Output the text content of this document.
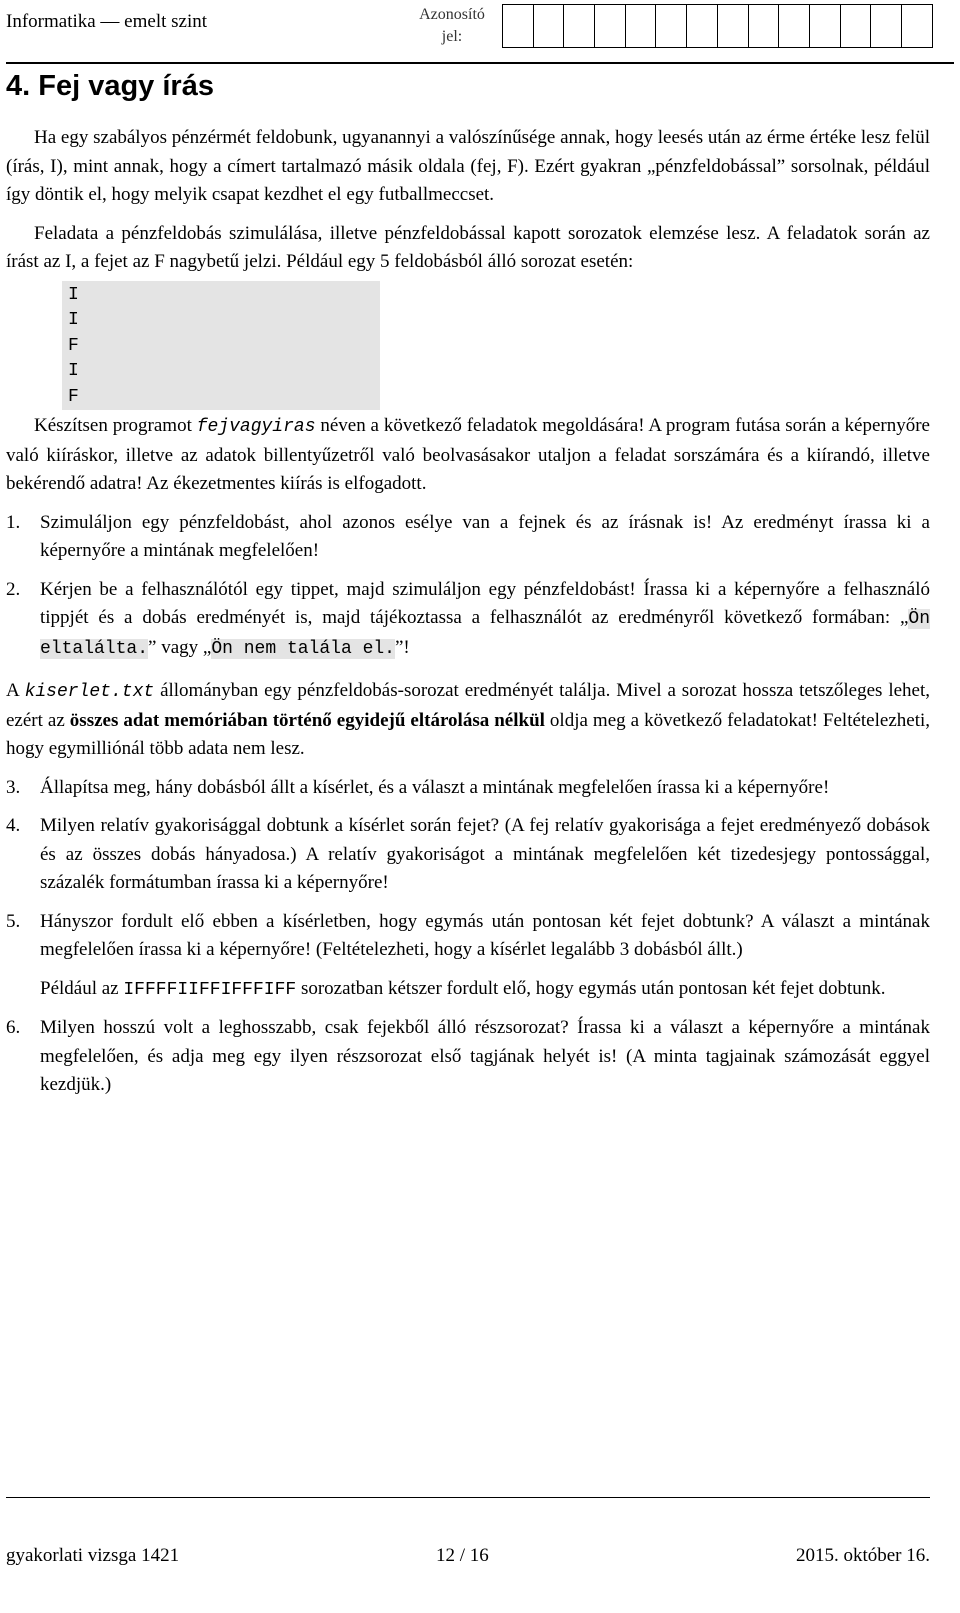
Informatika — emelt szint	Azonosító jel:
4. Fej vagy írás

Ha egy szabályos pénzérmét feldobunk, ugyanannyi a valószínűsége annak, hogy leesés után az érme értéke lesz felül (írás, I), mint annak, hogy a címert tartalmazó másik oldala (fej, F). Ezért gyakran „pénzfeldobással” sorsolnak, például így döntik el, hogy melyik csapat kezdhet el egy futballmeccset.

Feladata a pénzfeldobás szimulálása, illetve pénzfeldobással kapott sorozatok elemzése lesz. A feladatok során az írást az I, a fejet az F nagybetű jelzi. Például egy 5 feldobásból álló sorozat esetén:

I
I
F
I
F

Készítsen programot fejvagyiras néven a következő feladatok megoldására! A program futása során a képernyőre való kiíráskor, illetve az adatok billentyűzetről való beolvasásakor utaljon a feladat sorszámára és a kiírandó, illetve bekérendő adatra! Az ékezetmentes kiírás is elfogadott.

1.	Szimuláljon egy pénzfeldobást, ahol azonos esélye van a fejnek és az írásnak is! Az eredményt írassa ki a képernyőre a mintának megfelelően!
2.	Kérjen be a felhasználótól egy tippet, majd szimuláljon egy pénzfeldobást! Írassa ki a képernyőre a felhasználó tippjét és a dobás eredményét is, majd tájékoztassa a felhasználót az eredményről következő formában: „Ön eltalálta.” vagy „Ön nem talála el.”!

A kiserlet.txt állományban egy pénzfeldobás-sorozat eredményét találja. Mivel a sorozat hossza tetszőleges lehet, ezért az összes adat memóriában történő egyidejű eltárolása nélkül oldja meg a következő feladatokat! Feltételezheti, hogy egymilliónál több adata nem lesz.

3.	Állapítsa meg, hány dobásból állt a kísérlet, és a választ a mintának megfelelően írassa ki a képernyőre!
4.	Milyen relatív gyakorisággal dobtunk a kísérlet során fejet? (A fej relatív gyakorisága a fejet eredményező dobások és az összes dobás hányadosa.) A relatív gyakoriságot a mintának megfelelően két tizedesjegy pontossággal, százalék formátumban írassa ki a képernyőre!
5.	Hányszor fordult elő ebben a kísérletben, hogy egymás után pontosan két fejet dobtunk? A választ a mintának megfelelően írassa ki a képernyőre! (Feltételezheti, hogy a kísérlet legalább 3 dobásból állt.)

Például az IFFFFIIFFIFFFIFF sorozatban kétszer fordult elő, hogy egymás után pontosan két fejet dobtunk.

6.	Milyen hosszú volt a leghosszabb, csak fejekből álló részsorozat? Írassa ki a választ a képernyőre a mintának megfelelően, és adja meg egy ilyen részsorozat első tagjának helyét is! (A minta tagjainak számozását eggyel kezdjük.)
gyakorlati vizsga 1421	12 / 16	2015. október 16.
